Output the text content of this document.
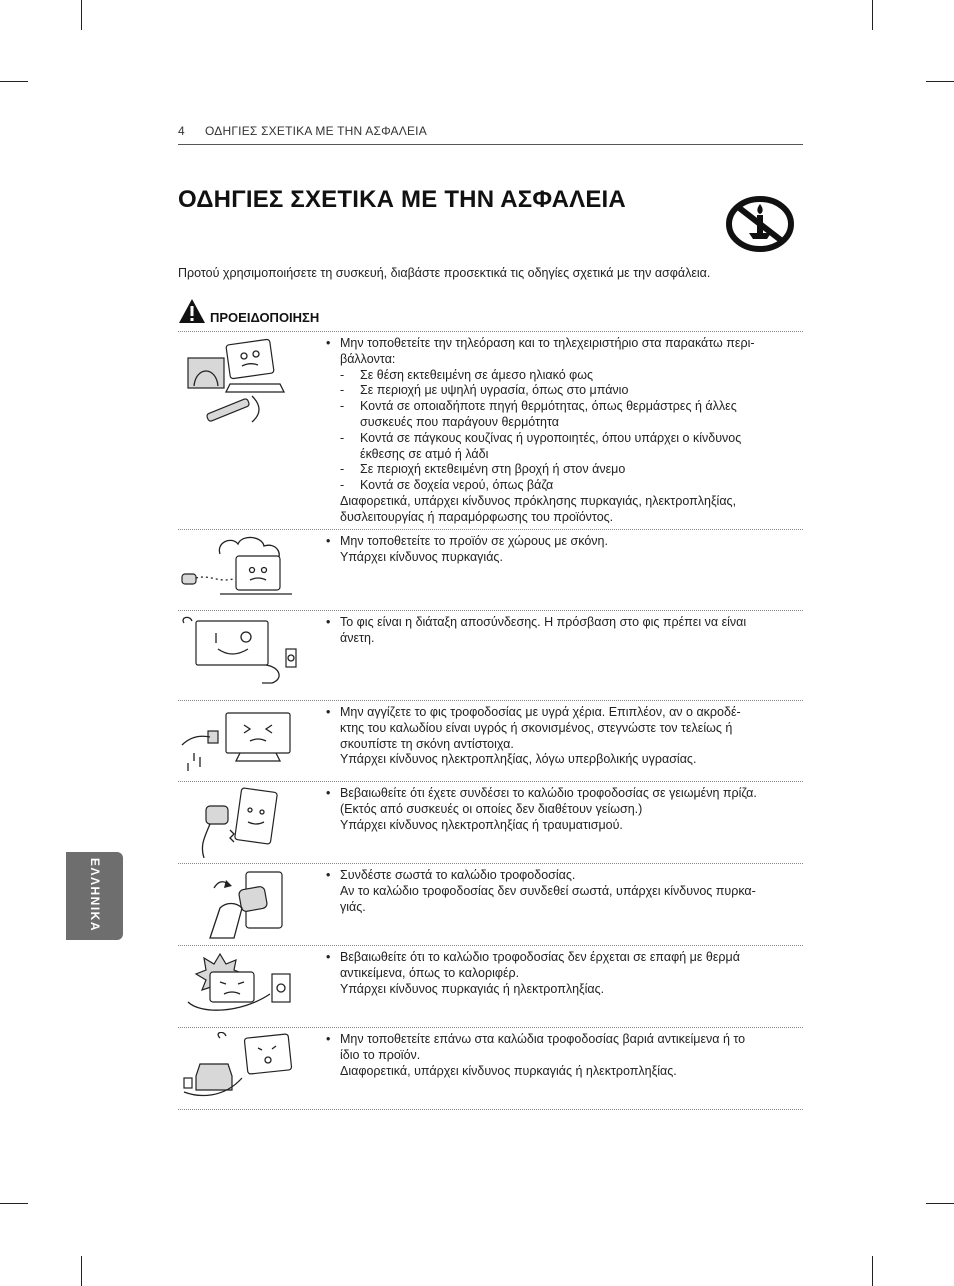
4 ΟΔΗΓΙΕΣ ΣΧΕΤΙΚΑ ΜΕ ΤΗΝ ΑΣΦΑΛΕΙΑ
ΟΔΗΓΙΕΣ ΣΧΕΤΙΚΑ ΜΕ ΤΗΝ ΑΣΦΑΛΕΙΑ
Προτού χρησιμοποιήσετε τη συσκευή, διαβάστε προσεκτικά τις οδηγίες σχετικά με την ασφάλεια.
ΠΡΟΕΙΔΟΠΟΙΗΣΗ
• Μην τοποθετείτε την τηλεόραση και το τηλεχειριστήριο στα παρακάτω περι-
βάλλοντα:
- Σε θέση εκτεθειμένη σε άμεσο ηλιακό φως
- Σε περιοχή με υψηλή υγρασία, όπως στο μπάνιο
- Κοντά σε οποιαδήποτε πηγή θερμότητας, όπως θερμάστρες ή άλλες
συσκευές που παράγουν θερμότητα
- Κοντά σε πάγκους κουζίνας ή υγροποιητές, όπου υπάρχει ο κίνδυνος
έκθεσης σε ατμό ή λάδι
- Σε περιοχή εκτεθειμένη στη βροχή ή στον άνεμο
- Κοντά σε δοχεία νερού, όπως βάζα
Διαφορετικά, υπάρχει κίνδυνος πρόκλησης πυρκαγιάς, ηλεκτροπληξίας,
δυσλειτουργίας ή παραμόρφωσης του προϊόντος.
• Μην τοποθετείτε το προϊόν σε χώρους με σκόνη.
Υπάρχει κίνδυνος πυρκαγιάς.
• Το φις είναι η διάταξη αποσύνδεσης. Η πρόσβαση στο φις πρέπει να είναι
άνετη.
• Μην αγγίζετε το φις τροφοδοσίας με υγρά χέρια. Επιπλέον, αν ο ακροδέ-
κτης του καλωδίου είναι υγρός ή σκονισμένος, στεγνώστε τον τελείως ή
σκουπίστε τη σκόνη αντίστοιχα.
Υπάρχει κίνδυνος ηλεκτροπληξίας, λόγω υπερβολικής υγρασίας.
• Βεβαιωθείτε ότι έχετε συνδέσει το καλώδιο τροφοδοσίας σε γειωμένη πρίζα.
(Εκτός από συσκευές οι οποίες δεν διαθέτουν γείωση.)
Υπάρχει κίνδυνος ηλεκτροπληξίας ή τραυματισμού.
• Συνδέστε σωστά το καλώδιο τροφοδοσίας.
Αν το καλώδιο τροφοδοσίας δεν συνδεθεί σωστά, υπάρχει κίνδυνος πυρκα-
γιάς.
• Βεβαιωθείτε ότι το καλώδιο τροφοδοσίας δεν έρχεται σε επαφή με θερμά
αντικείμενα, όπως το καλοριφέρ.
Υπάρχει κίνδυνος πυρκαγιάς ή ηλεκτροπληξίας.
• Μην τοποθετείτε επάνω στα καλώδια τροφοδοσίας βαριά αντικείμενα ή το
ίδιο το προϊόν.
Διαφορετικά, υπάρχει κίνδυνος πυρκαγιάς ή ηλεκτροπληξίας.
ΕΛΛΗΝΙΚΑ
